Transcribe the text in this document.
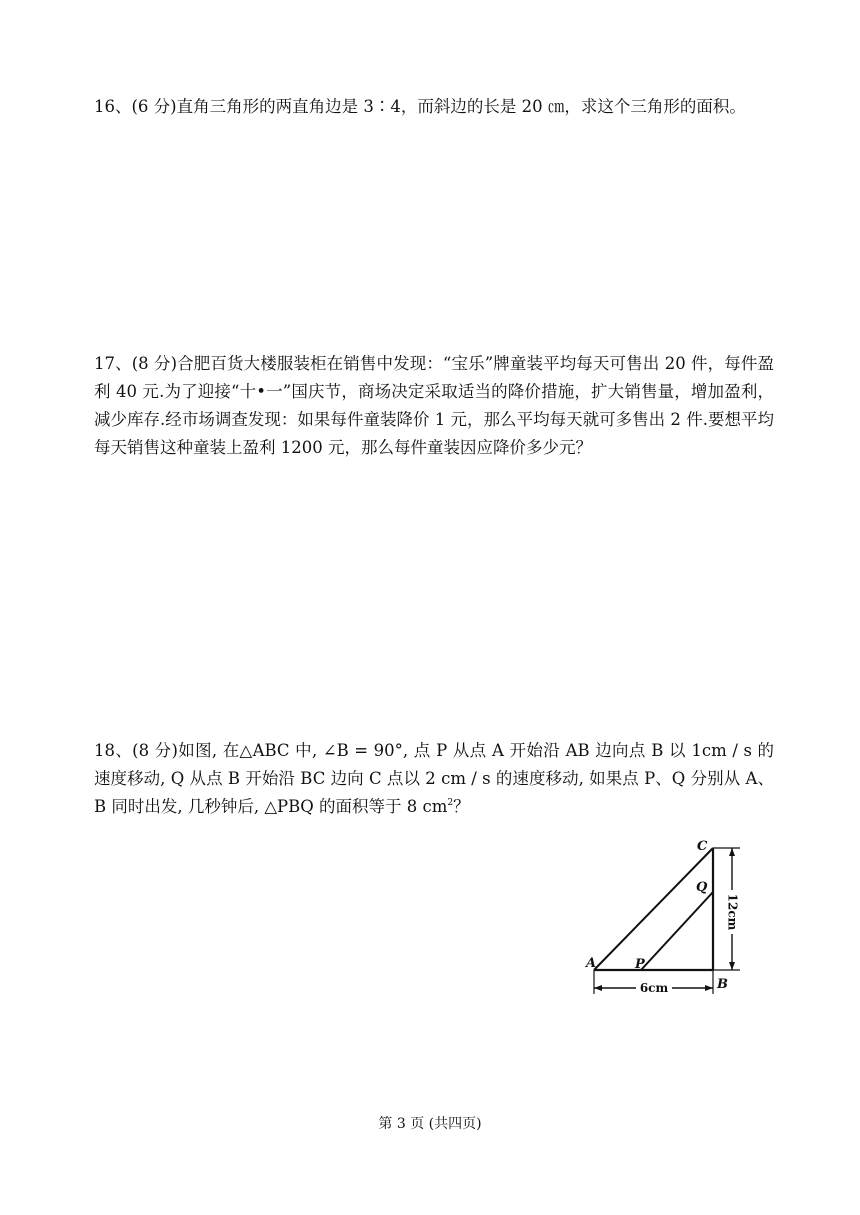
16、(6 分)直角三角形的两直角边是 3∶4，而斜边的长是 20 ㎝，求这个三角形的面积。

17、(8 分)合肥百货大楼服装柜在销售中发现：“宝乐”牌童装平均每天可售出 20 件，每件盈利 40 元.为了迎接“十•一”国庆节，商场决定采取适当的降价措施，扩大销售量，增加盈利，减少库存.经市场调查发现：如果每件童装降价 1 元，那么平均每天就可多售出 2 件.要想平均每天销售这种童装上盈利 1200 元，那么每件童装因应降价多少元？

18、(8 分)如图, 在△ABC 中, ∠B = 90°, 点 P 从点 A 开始沿 AB 边向点 B 以 1cm / s 的速度移动, Q 从点 B 开始沿 BC 边向 C 点以 2 cm / s 的速度移动, 如果点 P、Q 分别从 A、B 同时出发, 几秒钟后, △PBQ 的面积等于 8 $cm^2$？

12cm
6cm
A
B
C
P
Q
第 3 页 (共四页)
